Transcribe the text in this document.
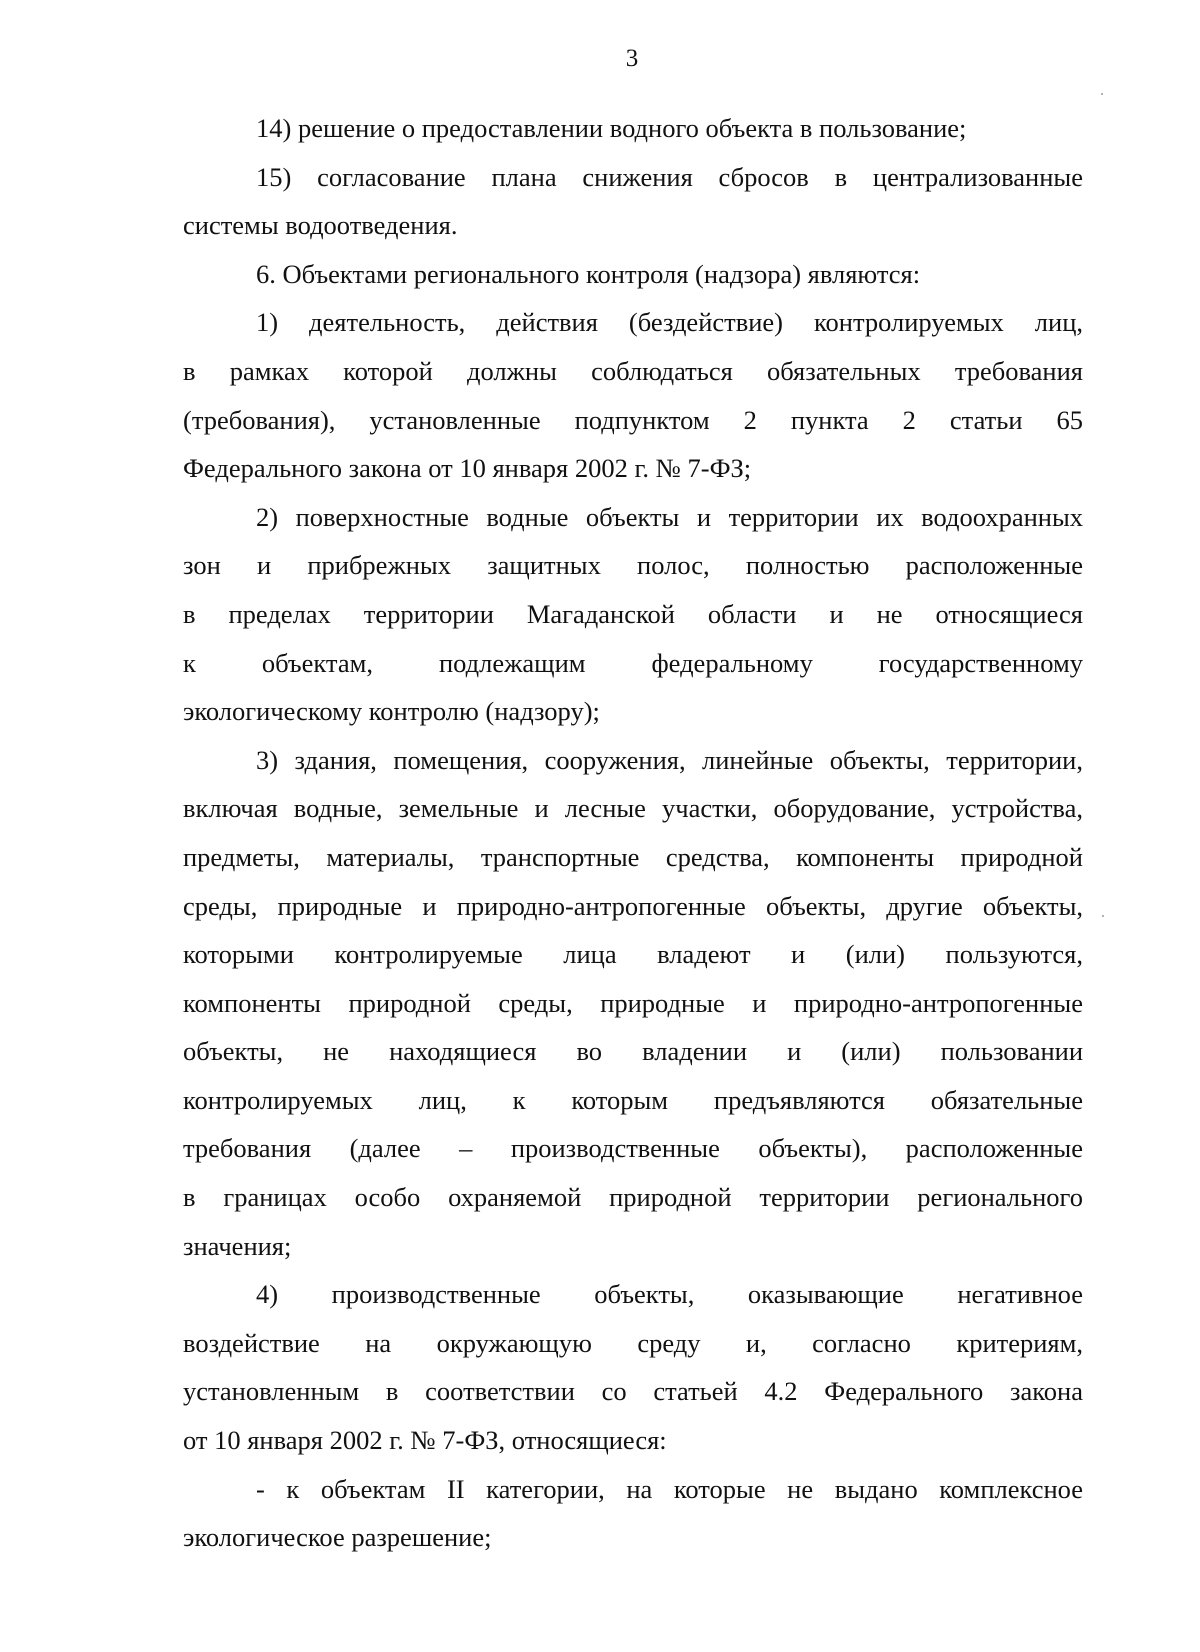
3

14) решение о предоставлении водного объекта в пользование;

15) согласование плана снижения сбросов в централизованные
системы водоотведения.

6. Объектами регионального контроля (надзора) являются:

1) деятельность, действия (бездействие) контролируемых лиц,
в рамках которой должны соблюдаться обязательных требования
(требования), установленные подпунктом 2 пункта 2 статьи 65
Федерального закона от 10 января 2002 г. № 7-ФЗ;

2) поверхностные водные объекты и территории их водоохранных
зон и прибрежных защитных полос, полностью расположенные
в пределах территории Магаданской области и не относящиеся
к объектам, подлежащим федеральному государственному
экологическому контролю (надзору);

3) здания, помещения, сооружения, линейные объекты, территории,
включая водные, земельные и лесные участки, оборудование, устройства,
предметы, материалы, транспортные средства, компоненты природной
среды, природные и природно-антропогенные объекты, другие объекты,
которыми контролируемые лица владеют и (или) пользуются,
компоненты природной среды, природные и природно-антропогенные
объекты, не находящиеся во владении и (или) пользовании
контролируемых лиц, к которым предъявляются обязательные
требования (далее – производственные объекты), расположенные
в границах особо охраняемой природной территории регионального
значения;

4) производственные объекты, оказывающие негативное
воздействие на окружающую среду и, согласно критериям,
установленным в соответствии со статьей 4.2 Федерального закона
от 10 января 2002 г. № 7-ФЗ, относящиеся:

- к объектам II категории, на которые не выдано комплексное
экологическое разрешение;
